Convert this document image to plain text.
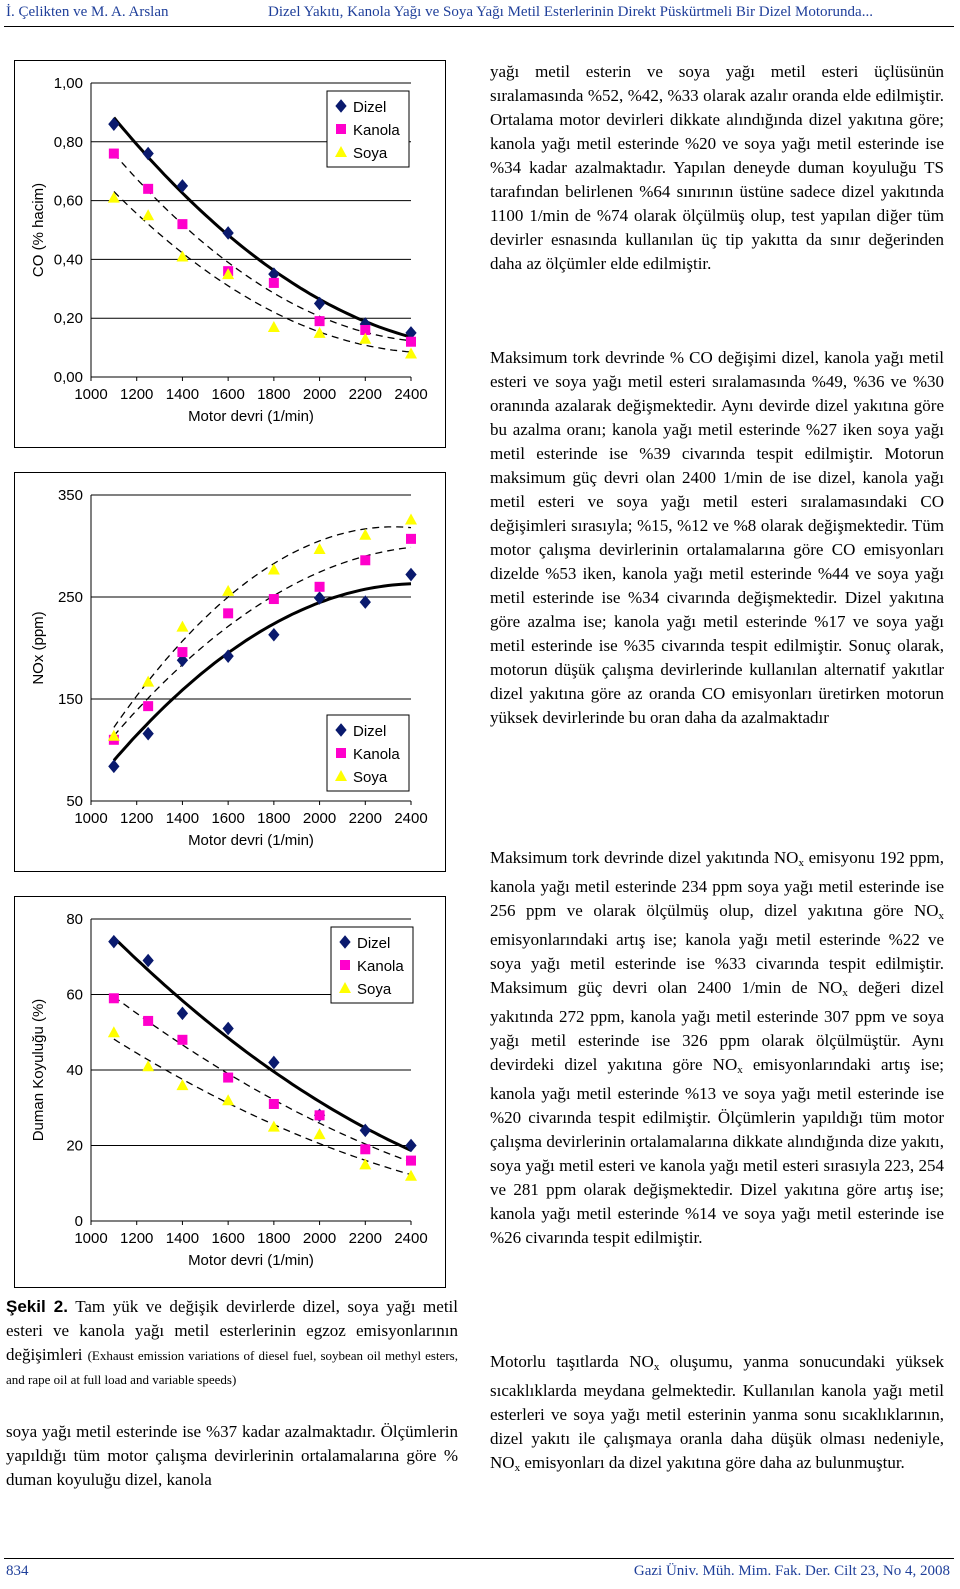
İ. Çelikten ve M. A. Arslan	Dizel Yakıtı, Kanola Yağı ve Soya Yağı Metil Esterlerinin Direkt Püskürtmeli Bir Dizel Motorunda...
0,00
0,20
0,40
0,60
0,80
1,00
1000 1200 1400 1600 1800 2000 2200 2400
Motor devri (1/min)
CO (% hacim)
Dizel
Kanola
Soya
50
150
250
350
1000 1200 1400 1600 1800 2000 2200 2400
Motor devri (1/min)
NOx (ppm)
Dizel
Kanola
Soya
0
20
40
60
80
1000 1200 1400 1600 1800 2000 2200 2400
Motor devri (1/min)
Duman Koyuluğu (%)
Dizel
Kanola
Soya
Şekil 2. Tam yük ve değişik devirlerde dizel, soya yağı metil esteri ve kanola yağı metil esterlerinin egzoz emisyonlarının değişimleri (Exhaust emission variations of diesel fuel, soybean oil methyl esters, and rape oil at full load and variable speeds)
soya yağı metil esterinde ise %37 kadar azalmaktadır. Ölçümlerin yapıldığı tüm motor çalışma devirlerinin ortalamalarına göre % duman koyuluğu dizel, kanola

yağı metil esterin ve soya yağı metil esteri üçlüsünün sıralamasında %52, %42, %33 olarak azalır oranda elde edilmiştir. Ortalama motor devirleri dikkate alındığında dizel yakıtına göre; kanola yağı metil esterinde %20 ve soya yağı metil esterinde ise %34 kadar azalmaktadır. Yapılan deneyde duman koyuluğu TS tarafından belirlenen %64 sınırının üstüne sadece dizel yakıtında 1100 1/min de %74 olarak ölçülmüş olup, test yapılan diğer tüm devirler esnasında kullanılan üç tip yakıtta da sınır değerinden daha az ölçümler elde edilmiştir.

Maksimum tork devrinde % CO değişimi dizel, kanola yağı metil esteri ve soya yağı metil esteri sıralamasında %49, %36 ve %30 oranında azalarak değişmektedir. Aynı devirde dizel yakıtına göre bu azalma oranı; kanola yağı metil esterinde %27 iken soya yağı metil esterinde ise %39 civarında tespit edilmiştir. Motorun maksimum güç devri olan 2400 1/min de ise dizel, kanola yağı metil esteri ve soya yağı metil esteri sıralamasındaki CO değişimleri sırasıyla; %15, %12 ve %8 olarak değişmektedir. Tüm motor çalışma devirlerinin ortalamalarına göre CO emisyonları dizelde %53 iken, kanola yağı metil esterinde %44 ve soya yağı metil esterinde ise %34 civarında değişmektedir. Dizel yakıtına göre azalma ise; kanola yağı metil esterinde %17 ve soya yağı metil esterinde ise %35 civarında tespit edilmiştir. Sonuç olarak, motorun düşük çalışma devirlerinde kullanılan alternatif yakıtlar dizel yakıtına göre az oranda CO emisyonları üretirken motorun yüksek devirlerinde bu oran daha da azalmaktadır

Maksimum tork devrinde dizel yakıtında $NO_x$ emisyonu 192 ppm, kanola yağı metil esterinde 234 ppm soya yağı metil esterinde ise 256 ppm ve olarak ölçülmüş olup, dizel yakıtına göre $NO_x$ emisyonlarındaki artış ise; kanola yağı metil esterinde %22 ve soya yağı metil esterinde ise %33 civarında tespit edilmiştir. Maksimum güç devri olan 2400 1/min de $NO_x$ değeri dizel yakıtında 272 ppm, kanola yağı metil esterinde 307 ppm ve soya yağı metil esterinde ise 326 ppm olarak ölçülmüştür. Aynı devirdeki dizel yakıtına göre $NO_x$ emisyonlarındaki artış ise; kanola yağı metil esterinde %13 ve soya yağı metil esterinde ise %20 civarında tespit edilmiştir. Ölçümlerin yapıldığı tüm motor çalışma devirlerinin ortalamalarına dikkate alındığında dize yakıtı, soya yağı metil esteri ve kanola yağı metil esteri sırasıyla 223, 254 ve 281 ppm olarak değişmektedir. Dizel yakıtına göre artış ise; kanola yağı metil esterinde %14 ve soya yağı metil esterinde ise %26 civarında tespit edilmiştir.

Motorlu taşıtlarda $NO_x$ oluşumu, yanma sonucundaki yüksek sıcaklıklarda meydana gelmektedir. Kullanılan kanola yağı metil esterleri ve soya yağı metil esterinin yanma sonu sıcaklıklarının, dizel yakıtı ile çalışmaya oranla daha düşük olması nedeniyle, $NO_x$ emisyonları da dizel yakıtına göre daha az bulunmuştur.

834	Gazi Üniv. Müh. Mim. Fak. Der. Cilt 23, No 4, 2008
